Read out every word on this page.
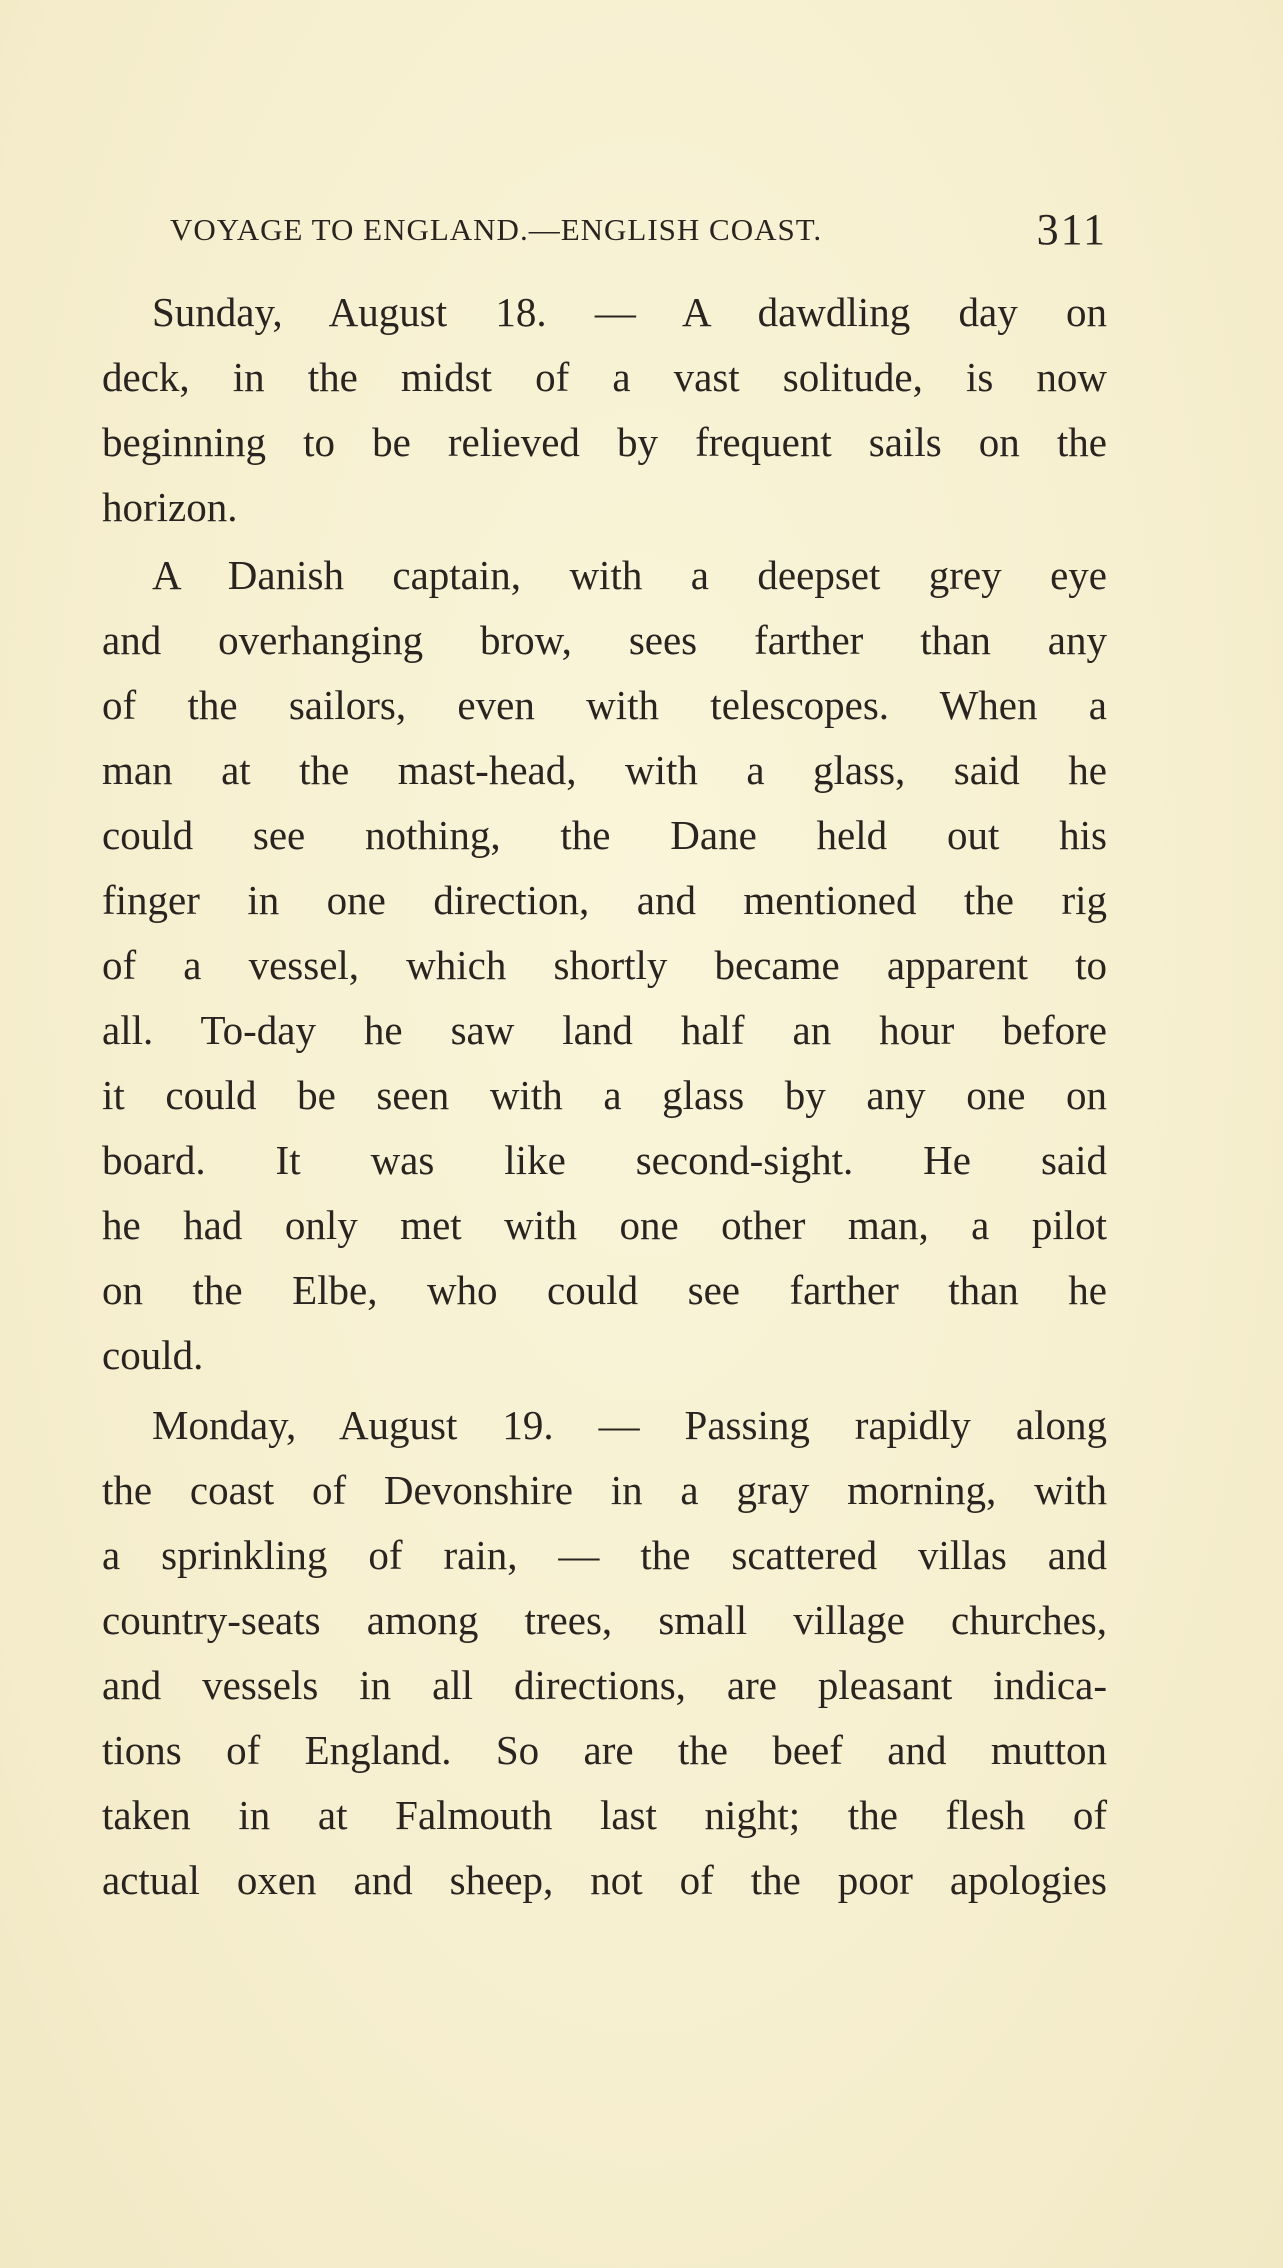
VOYAGE TO ENGLAND.—ENGLISH COAST.	311
Sunday, August 18. — A dawdling day on
deck, in the midst of a vast solitude, is now
beginning to be relieved by frequent sails on the
horizon.
A Danish captain, with a deepset grey eye
and overhanging brow, sees farther than any
of the sailors, even with telescopes. When a
man at the mast-head, with a glass, said he
could see nothing, the Dane held out his
finger in one direction, and mentioned the rig
of a vessel, which shortly became apparent to
all. To-day he saw land half an hour before
it could be seen with a glass by any one on
board. It was like second-sight. He said
he had only met with one other man, a pilot
on the Elbe, who could see farther than he
could.
Monday, August 19. — Passing rapidly along
the coast of Devonshire in a gray morning, with
a sprinkling of rain, — the scattered villas and
country-seats among trees, small village churches,
and vessels in all directions, are pleasant indica-
tions of England. So are the beef and mutton
taken in at Falmouth last night; the flesh of
actual oxen and sheep, not of the poor apologies
